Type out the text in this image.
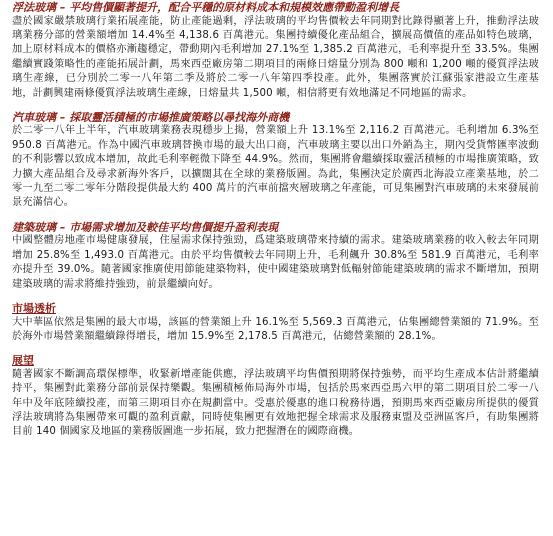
浮法玻璃 – 平均售價顯著提升，配合平穩的原材料成本和規模效應帶動盈利增長

盡於國家嚴禁玻璃行業拓展產能，防止產能過剩，浮法玻璃的平均售價較去年同期對比錄得顯著上升，推動浮法玻璃業務分部的營業額增加 14.4%至 4,138.6 百萬港元。集團持續優化產品組合，擴展高價值的產品如特色玻璃，加上原材料成本的價格亦漸趨穩定，帶動期內毛利增加 27.1%至 1,385.2 百萬港元，毛利率提升至 33.5%。集團繼續實踐策略性的產能拓展計劃，馬來西亞廠房第二期項目的兩條日熔量分別為 800 噸和 1,200 噸的優質浮法玻璃生產線，已分別於二零一八年第二季及將於二零一八年第四季投產。此外，集團落實於江蘇張家港設立生產基地，計劃興建兩條優質浮法玻璃生產線，日熔量共 1,500 噸，相信將更有效地滿足不同地區的需求。

汽車玻璃 – 採取靈活積極的市場推廣策略以尋找海外商機

於二零一八年上半年，汽車玻璃業務表現穩步上揚，營業額上升 13.1%至 2,116.2 百萬港元。毛利增加 6.3%至 950.8 百萬港元。作為中國汽車玻璃替換市場的最大出口商，汽車玻璃主要以出口外銷為主，期內受貨幣匯率波動的不利影響以致成本增加，故此毛利率輕微下降至 44.9%。然而，集團將會繼續採取靈活積極的市場推廣策略，致力擴大產品組合及尋求新海外客戶，以擴闊其在全球的業務版圖。為此，集團決定於廣西北海設立產業基地，於二零一九至二零二零年分階段提供最大約 400 萬片的汽車前擋夾層玻璃之年產能，可見集團對汽車玻璃的未來發展前景充滿信心。

建築玻璃 – 市場需求增加及較佳平均售價提升盈利表現

中國整體房地產市場健康發展，住屋需求保持強勁，爲建築玻璃帶來持續的需求。建築玻璃業務的收入較去年同期增加 25.8%至 1,493.0 百萬港元。由於平均售價較去年同期上升，毛利飆升 30.8%至 581.9 百萬港元，毛利率亦提升至 39.0%。隨著國家推廣使用節能建築物料，使中國建築玻璃對低輻射節能建築玻璃的需求不斷增加，預期建築玻璃的需求將維持強勁，前景繼續向好。

市場透析

大中華區依然是集團的最大市場，該區的營業額上升 16.1%至 5,569.3 百萬港元，佔集團總營業額的 71.9%。至於海外市場營業額繼續錄得增長，增加 15.9%至 2,178.5 百萬港元，佔總營業額的 28.1%。

展望

隨著國家不斷調高環保標準，收緊新增產能供應，浮法玻璃平均售價預期將保持強勢，而平均生產成本估計將繼續持平，集團對此業務分部前景保持樂觀。集團積極佈局海外市場，包括於馬來西亞馬六甲的第二期項目於二零一八年中及年底陸續投產，而第三期項目亦在規劃當中。受惠於優惠的進口稅務待遇，預期馬來西亞廠房所提供的優質浮法玻璃將為集團帶來可觀的盈利貢獻，同時使集團更有效地把握全球需求及服務東盟及亞洲區客戶，有助集團將目前 140 個國家及地區的業務版圖進一步拓展，致力把握潛在的國際商機。
